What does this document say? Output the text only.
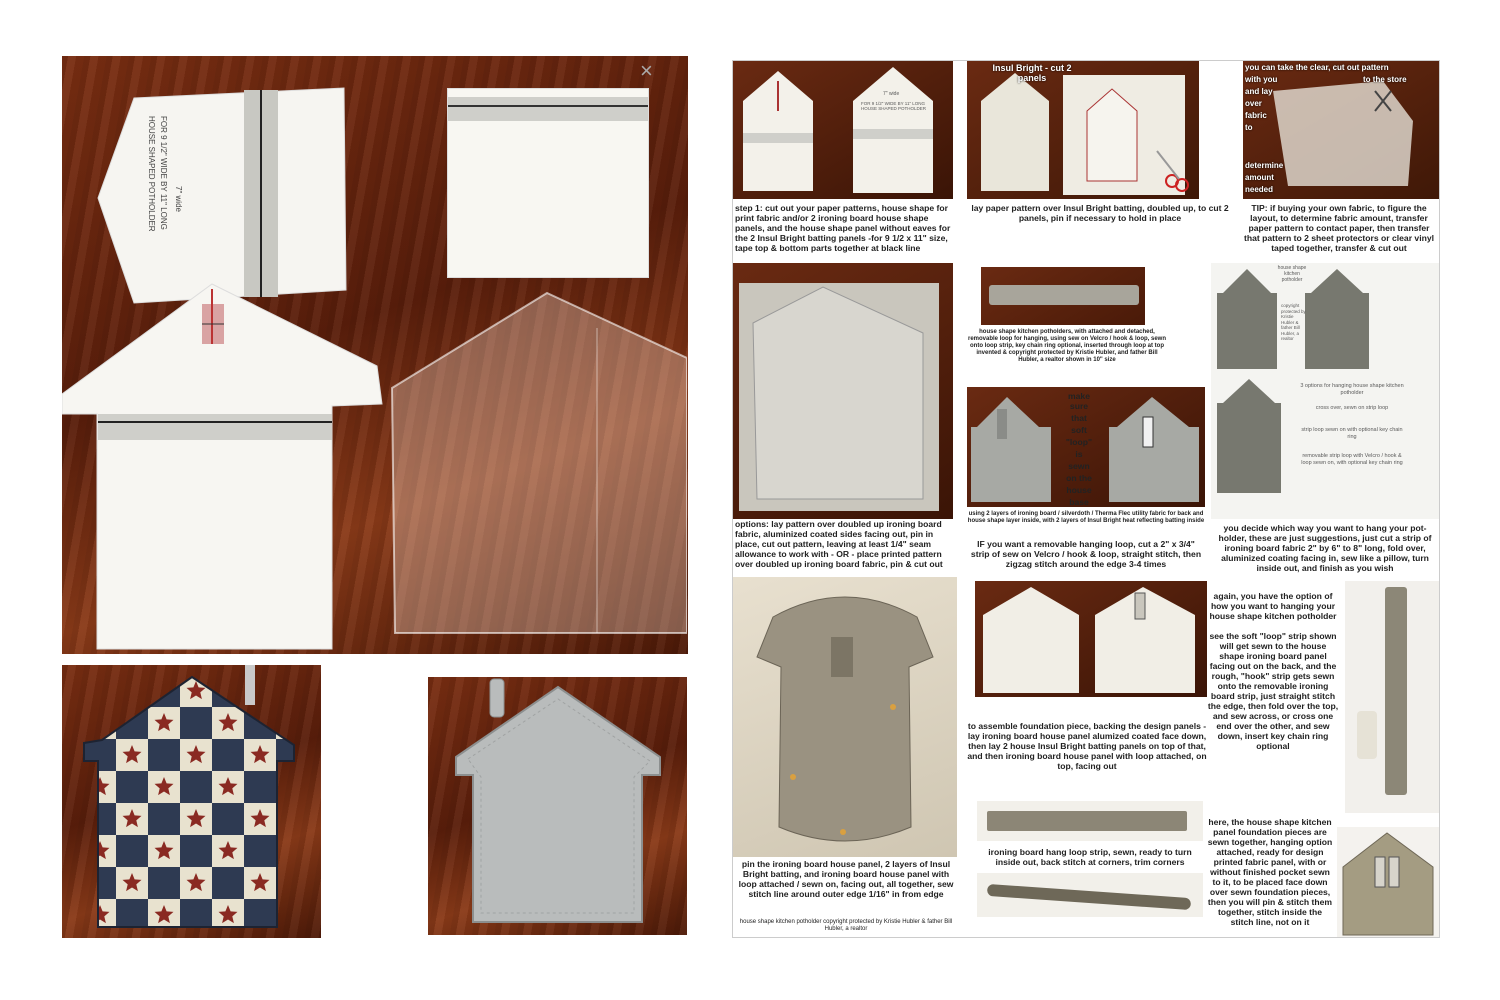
7" wide
FOR 9 1/2" WIDE BY 11" LONG
HOUSE SHAPED POTHOLDER
×
FOR 9 1/2" WIDE BY 11" LONG HOUSE SHAPED POTHOLDER
7" wide
Insul Bright - cut 2 panels
you can take the clear, cut out pattern
with you	to the store
and lay
over
fabric
to
determine
amount
needed
step 1: cut out your paper patterns, house shape for print fabric and/or 2 ironing board house shape panels, and the house shape panel without eaves for the 2 Insul Bright batting panels -for 9 1/2 x 11" size, tape top & bottom parts together at black line
lay paper pattern over Insul Bright batting, doubled up, to cut 2 panels, pin if necessary to hold in place
TIP: if buying your own fabric, to figure the layout, to determine fabric amount, transfer paper pattern to contact paper, then transfer that pattern to 2 sheet protectors or clear vinyl taped together, transfer & cut out
house shape kitchen potholders, with attached and detached, removable loop for hanging, using sew on Velcro / hook & loop, sewn onto loop strip, key chain ring optional, inserted through loop at top invented & copyright protected by Kristie Hubler, and father Bill Hubler, a realtor shown in 10" size
make
sure
that
soft
"loop"
is
sewn
on the
house
base
using 2 layers of ironing board / silverdoth / Therma Flec utility fabric for back and house shape layer inside, with 2 layers of Insul Bright heat reflecting batting inside
house shape kitchen potholder
copyright protected by Kristie Hubler & father Bill Hubler, a realtor
3 options for hanging house shape kitchen potholder
cross over, sewn on strip loop
strip loop sewn on with optional key chain ring
removable strip loop with Velcro / hook & loop sewn on, with optional key chain ring
options: lay pattern over doubled up ironing board fabric, aluminized coated sides facing out, pin in place, cut out pattern, leaving at least 1/4" seam allowance to work with - OR - place printed pattern over doubled up ironing board fabric, pin & cut out
IF you want a removable hanging loop, cut a 2" x 3/4" strip of sew on Velcro / hook & loop, straight stitch, then zigzag stitch around the edge 3-4 times
you decide which way you want to hang your pot-holder, these are just suggestions, just cut a strip of ironing board fabric 2" by 6" to 8" long, fold over, aluminized coating facing in, sew like a pillow, turn inside out, and finish as you wish
again, you have the option of how you want to hanging your house shape kitchen potholder

see the soft "loop" strip shown will get sewn to the house shape ironing board panel facing out on the back, and the rough, "hook" strip gets sewn onto the removable ironing board strip, just straight stitch the edge, then fold over the top, and sew across, or cross one end over the other, and sew down, insert key chain ring optional
to assemble foundation piece, backing the design panels - lay ironing board house panel alumized coated face down, then lay 2 house Insul Bright batting panels on top of that, and then ironing board house panel with loop attached, on top, facing out
pin the ironing board house panel, 2 layers of Insul Bright batting, and ironing board house panel with loop attached / sewn on, facing out, all together, sew stitch line around outer edge 1/16" in from edge
house shape kitchen potholder copyright protected by Kristie Hubler & father Bill Hubler, a realtor
ironing board hang loop strip, sewn, ready to turn inside out, back stitch at corners, trim corners
here, the house shape kitchen panel foundation pieces are sewn together, hanging option attached, ready for design printed fabric panel, with or without finished pocket sewn to it, to be placed face down over sewn foundation pieces, then you will pin & stitch them together, stitch inside the stitch line, not on it
